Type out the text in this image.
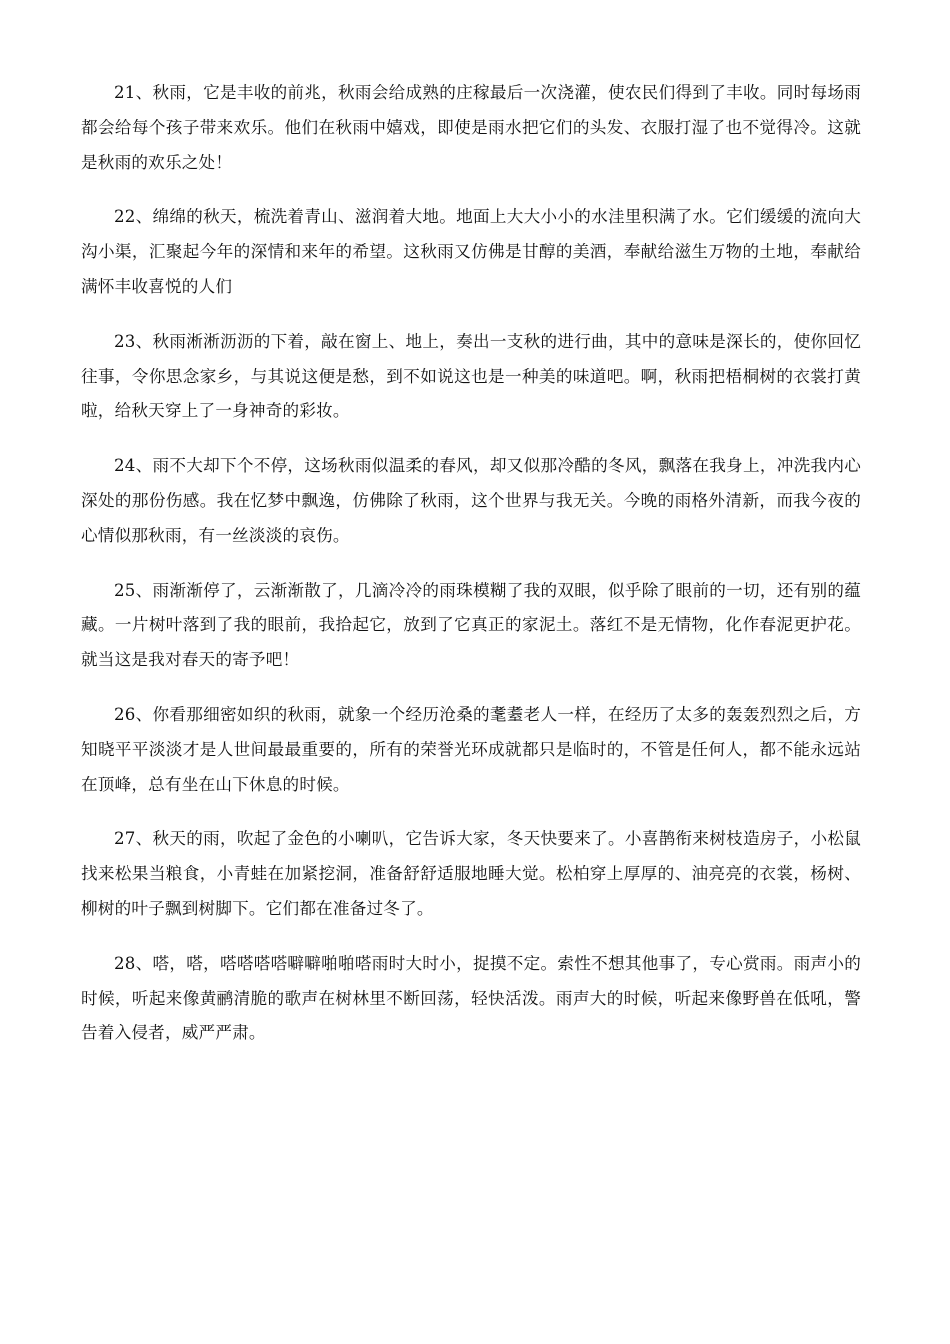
21、秋雨，它是丰收的前兆，秋雨会给成熟的庄稼最后一次浇灌，使农民们得到了丰收。同时每场雨都会给每个孩子带来欢乐。他们在秋雨中嬉戏，即使是雨水把它们的头发、衣服打湿了也不觉得冷。这就是秋雨的欢乐之处！

22、绵绵的秋天，梳洗着青山、滋润着大地。地面上大大小小的水洼里积满了水。它们缓缓的流向大沟小渠，汇聚起今年的深情和来年的希望。这秋雨又仿佛是甘醇的美酒，奉献给滋生万物的土地，奉献给满怀丰收喜悦的人们

23、秋雨淅淅沥沥的下着，敲在窗上、地上，奏出一支秋的进行曲，其中的意味是深长的，使你回忆往事，令你思念家乡，与其说这便是愁，到不如说这也是一种美的味道吧。啊，秋雨把梧桐树的衣裳打黄啦，给秋天穿上了一身神奇的彩妆。

24、雨不大却下个不停，这场秋雨似温柔的春风，却又似那冷酷的冬风，飘落在我身上，冲洗我内心深处的那份伤感。我在忆梦中飘逸，仿佛除了秋雨，这个世界与我无关。今晚的雨格外清新，而我今夜的心情似那秋雨，有一丝淡淡的哀伤。

25、雨渐渐停了，云渐渐散了，几滴冷冷的雨珠模糊了我的双眼，似乎除了眼前的一切，还有别的蕴藏。一片树叶落到了我的眼前，我拾起它，放到了它真正的家泥土。落红不是无情物，化作春泥更护花。就当这是我对春天的寄予吧！

26、你看那细密如织的秋雨，就象一个经历沧桑的耄耋老人一样，在经历了太多的轰轰烈烈之后，方知晓平平淡淡才是人世间最最重要的，所有的荣誉光环成就都只是临时的，不管是任何人，都不能永远站在顶峰，总有坐在山下休息的时候。

27、秋天的雨，吹起了金色的小喇叭，它告诉大家，冬天快要来了。小喜鹊衔来树枝造房子，小松鼠找来松果当粮食，小青蛙在加紧挖洞，准备舒舒适服地睡大觉。松柏穿上厚厚的、油亮亮的衣裳，杨树、柳树的叶子飘到树脚下。它们都在准备过冬了。

28、嗒，嗒，嗒嗒嗒嗒噼噼啪啪嗒雨时大时小，捉摸不定。索性不想其他事了，专心赏雨。雨声小的时候，听起来像黄鹂清脆的歌声在树林里不断回荡，轻快活泼。雨声大的时候，听起来像野兽在低吼，警告着入侵者，威严严肃。
